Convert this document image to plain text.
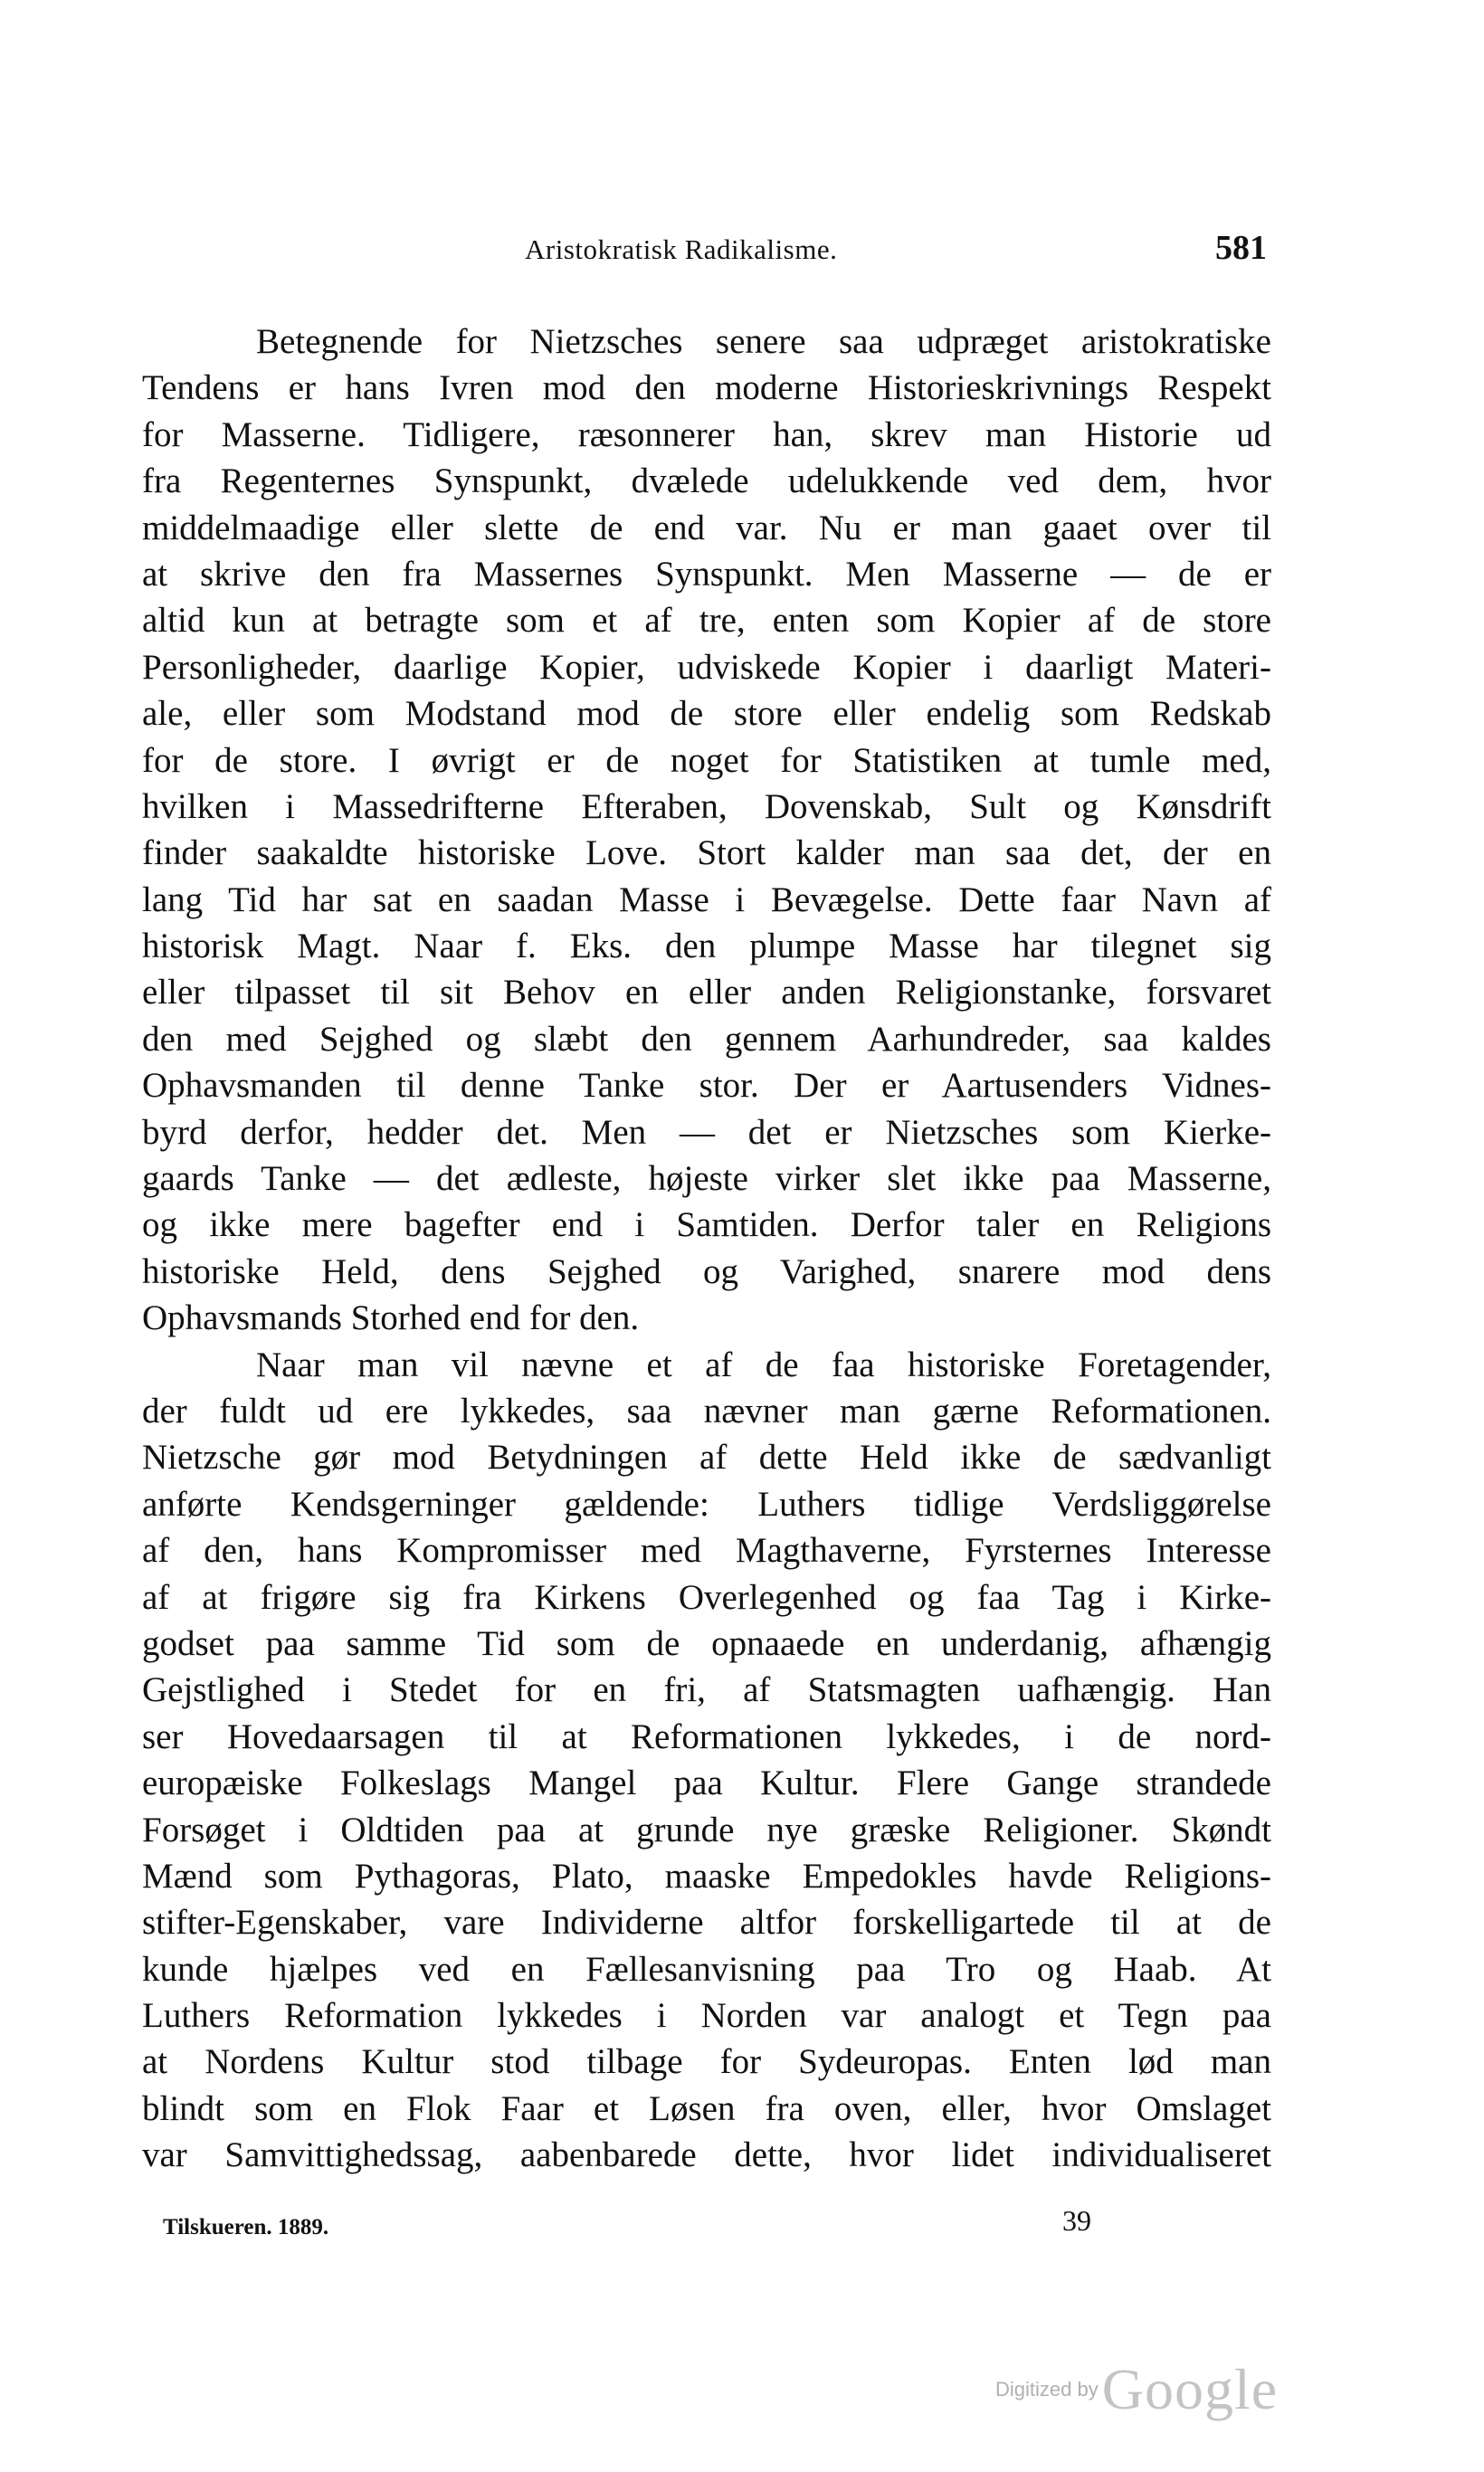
Aristokratisk Radikalisme.	581
Betegnende for Nietzsches senere saa udpræget aristokratiske
Tendens er hans Ivren mod den moderne Historieskrivnings Respekt
for Masserne. Tidligere, ræsonnerer han, skrev man Historie ud
fra Regenternes Synspunkt, dvælede udelukkende ved dem, hvor
middelmaadige eller slette de end var. Nu er man gaaet over til
at skrive den fra Massernes Synspunkt. Men Masserne — de er
altid kun at betragte som et af tre, enten som Kopier af de store
Personligheder, daarlige Kopier, udviskede Kopier i daarligt Materi-
ale, eller som Modstand mod de store eller endelig som Redskab
for de store. I øvrigt er de noget for Statistiken at tumle med,
hvilken i Massedrifterne Efteraben, Dovenskab, Sult og Kønsdrift
finder saakaldte historiske Love. Stort kalder man saa det, der en
lang Tid har sat en saadan Masse i Bevægelse. Dette faar Navn af
historisk Magt. Naar f. Eks. den plumpe Masse har tilegnet sig
eller tilpasset til sit Behov en eller anden Religionstanke, forsvaret
den med Sejghed og slæbt den gennem Aarhundreder, saa kaldes
Ophavsmanden til denne Tanke stor. Der er Aartusenders Vidnes-
byrd derfor, hedder det. Men — det er Nietzsches som Kierke-
gaards Tanke — det ædleste, højeste virker slet ikke paa Masserne,
og ikke mere bagefter end i Samtiden. Derfor taler en Religions
historiske Held, dens Sejghed og Varighed, snarere mod dens
Ophavsmands Storhed end for den.
Naar man vil nævne et af de faa historiske Foretagender,
der fuldt ud ere lykkedes, saa nævner man gærne Reformationen.
Nietzsche gør mod Betydningen af dette Held ikke de sædvanligt
anførte Kendsgerninger gældende: Luthers tidlige Verdsliggørelse
af den, hans Kompromisser med Magthaverne, Fyrsternes Interesse
af at frigøre sig fra Kirkens Overlegenhed og faa Tag i Kirke-
godset paa samme Tid som de opnaaede en underdanig, afhængig
Gejstlighed i Stedet for en fri, af Statsmagten uafhængig. Han
ser Hovedaarsagen til at Reformationen lykkedes, i de nord-
europæiske Folkeslags Mangel paa Kultur. Flere Gange strandede
Forsøget i Oldtiden paa at grunde nye græske Religioner. Skøndt
Mænd som Pythagoras, Plato, maaske Empedokles havde Religions-
stifter-Egenskaber, vare Individerne altfor forskelligartede til at de
kunde hjælpes ved en Fællesanvisning paa Tro og Haab. At
Luthers Reformation lykkedes i Norden var analogt et Tegn paa
at Nordens Kultur stod tilbage for Sydeuropas. Enten lød man
blindt som en Flok Faar et Løsen fra oven, eller, hvor Omslaget
var Samvittighedssag, aabenbarede dette, hvor lidet individualiseret
Tilskueren. 1889.	39
Digitized by Google
